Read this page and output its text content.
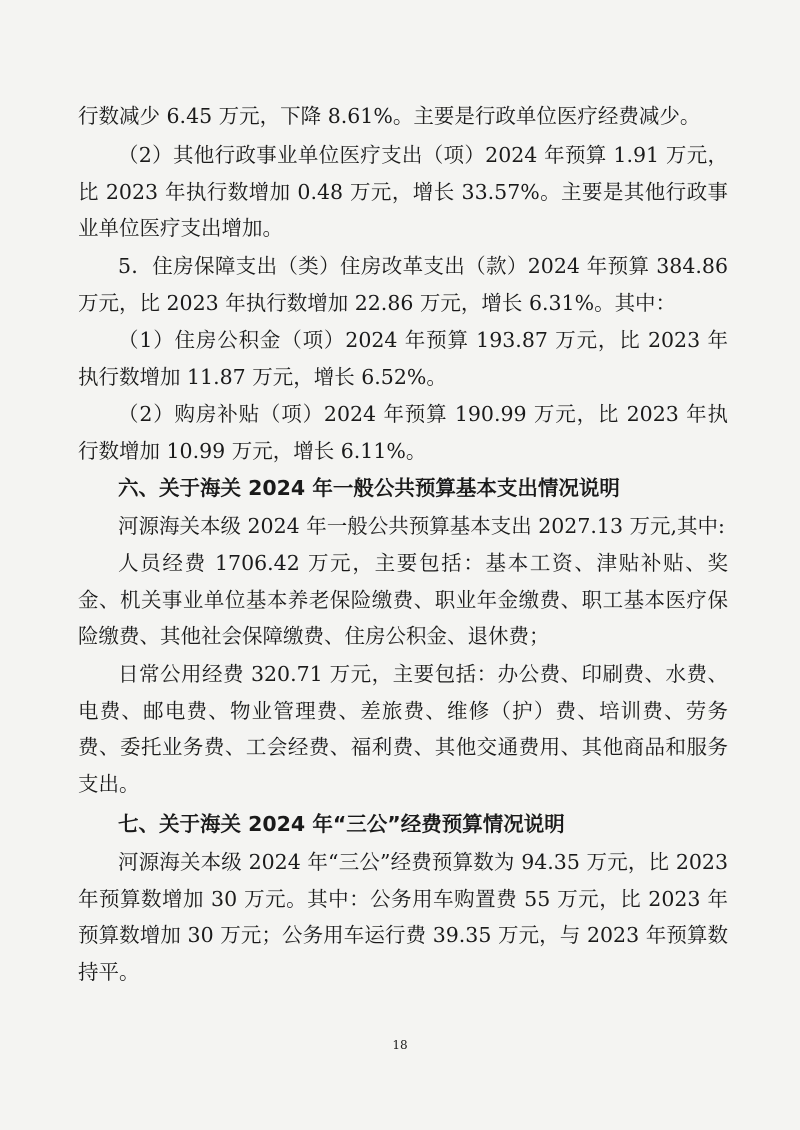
行数减少 6.45 万元，下降 8.61%。主要是行政单位医疗经费减少。

（2）其他行政事业单位医疗支出（项）2024 年预算 1.91 万元，比 2023 年执行数增加 0.48 万元，增长 33.57%。主要是其他行政事业单位医疗支出增加。

5．住房保障支出（类）住房改革支出（款）2024 年预算 384.86 万元，比 2023 年执行数增加 22.86 万元，增长 6.31%。其中：

（1）住房公积金（项）2024 年预算 193.87 万元，比 2023 年执行数增加 11.87 万元，增长 6.52%。

（2）购房补贴（项）2024 年预算 190.99 万元，比 2023 年执行数增加 10.99 万元，增长 6.11%。

六、关于海关 2024 年一般公共预算基本支出情况说明

河源海关本级 2024 年一般公共预算基本支出 2027.13 万元,其中:

人员经费 1706.42 万元，主要包括：基本工资、津贴补贴、奖金、机关事业单位基本养老保险缴费、职业年金缴费、职工基本医疗保险缴费、其他社会保障缴费、住房公积金、退休费；

日常公用经费 320.71 万元，主要包括：办公费、印刷费、水费、电费、邮电费、物业管理费、差旅费、维修（护）费、培训费、劳务费、委托业务费、工会经费、福利费、其他交通费用、其他商品和服务支出。

七、关于海关 2024 年“三公”经费预算情况说明

河源海关本级 2024 年“三公”经费预算数为 94.35 万元，比 2023 年预算数增加 30 万元。其中：公务用车购置费 55 万元，比 2023 年预算数增加 30 万元；公务用车运行费 39.35 万元，与 2023 年预算数持平。

18
